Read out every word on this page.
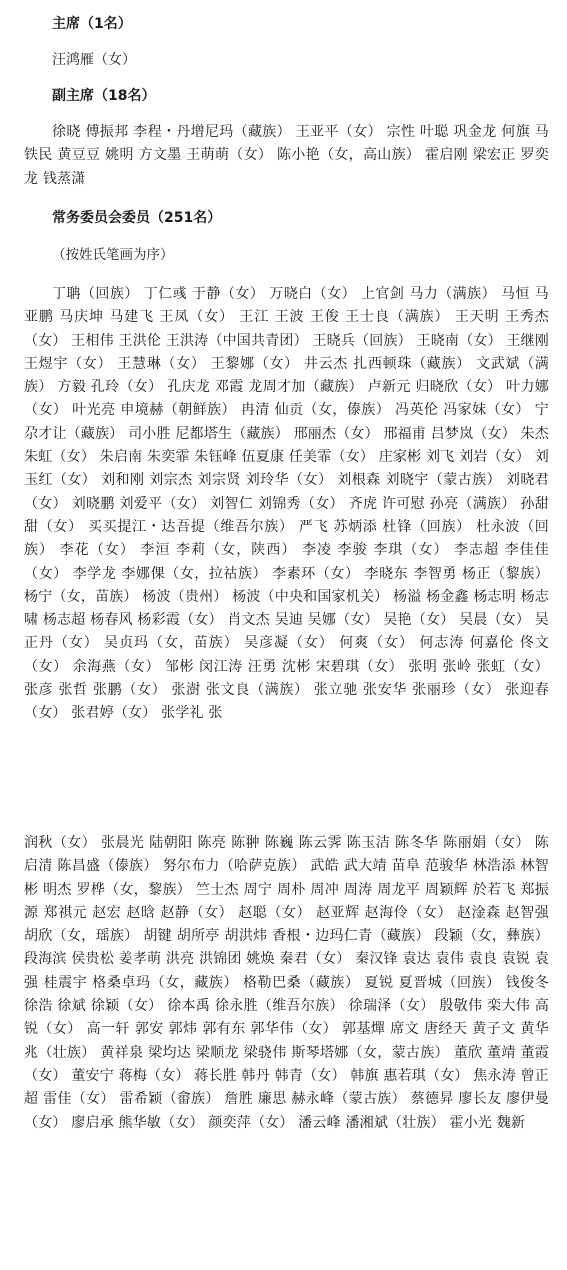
主席（1名）
汪鸿雁（女）
副主席（18名）
徐晓 傅振邦 李程・丹增尼玛（藏族） 王亚平（女） 宗性 叶聪 巩金龙 何旗 马铁民 黄豆豆 姚明 方文墨 王萌萌（女） 陈小艳（女，高山族） 霍启刚 梁宏正 罗奕龙 钱蒸潇
常务委员会委员（251名）
（按姓氏笔画为序）
丁聃（回族） 丁仁彧 于静（女） 万晓白（女） 上官剑 马力（满族） 马恒 马亚鹏 马庆坤 马建飞 王凤（女） 王江 王波 王俊 王士良（满族） 王天明 王秀杰（女） 王相伟 王洪伦 王洪涛（中国共青团） 王晓兵（回族） 王晓南（女） 王继刚 王煜宇（女） 王慧琳（女） 王黎娜（女） 井云杰 扎西顿珠（藏族） 文武斌（满族） 方毅 孔玲（女） 孔庆龙 邓霞 龙周才加（藏族） 卢新元 归晓欣（女） 叶力娜（女） 叶光亮 申境赫（朝鲜族） 冉清 仙贡（女，傣族） 冯英伦 冯家妹（女） 宁尕才让（藏族） 司小胜 尼都塔生（藏族） 邢丽杰（女） 邢福甫 吕梦岚（女） 朱杰 朱虹（女） 朱启南 朱奕霏 朱钰峰 伍夏康 任美霏（女） 庄家彬 刘飞 刘岩（女） 刘玉红（女） 刘和刚 刘宗杰 刘宗贤 刘玲华（女） 刘根森 刘晓宇（蒙古族） 刘晓君（女） 刘晓鹏 刘爱平（女） 刘智仁 刘锦秀（女） 齐虎 许可慰 孙亮（满族） 孙甜甜（女） 买买提江・达吾提（维吾尔族） 严飞 苏炳添 杜锋（回族） 杜永波（回族） 李花（女） 李洹 李莉（女，陕西） 李凌 李骏 李琪（女） 李志超 李佳佳（女） 李学龙 李娜倮（女，拉祜族） 李素环（女） 李晓东 李智勇 杨正（黎族） 杨宁（女，苗族） 杨波（贵州） 杨波（中央和国家机关） 杨溢 杨金鑫 杨志明 杨志啸 杨志超 杨春风 杨彩霞（女） 肖文杰 吴迪 吴娜（女） 吴艳（女） 吴晨（女） 吴正丹（女） 吴贞玛（女，苗族） 吴彦凝（女） 何爽（女） 何志涛 何嘉伦 佟文（女） 余海燕（女） 邹彬 闵江涛 汪勇 沈彬 宋碧琪（女） 张明 张岭 张虹（女） 张彦 张哲 张鹏（女） 张澍 张文良（满族） 张立驰 张安华 张丽珍（女） 张迎春（女） 张君婷（女） 张学礼 张
润秋（女） 张晨光 陆朝阳 陈亮 陈翀 陈巍 陈云霁 陈玉洁 陈冬华 陈丽娟（女） 陈启清 陈昌盛（傣族） 努尔布力（哈萨克族） 武皓 武大靖 苗阜 范骏华 林浩添 林智彬 明杰 罗桦（女，黎族） 竺士杰 周宁 周朴 周冲 周涛 周龙平 周颖辉 於若飞 郑振源 郑祺元 赵宏 赵晗 赵静（女） 赵聪（女） 赵亚辉 赵海伶（女） 赵淦森 赵智强 胡欣（女，瑶族） 胡键 胡所亭 胡洪炜 香根・边玛仁青（藏族） 段颖（女，彝族） 段海滨 侯贵松 姜孝萌 洪亮 洪锦团 姚焕 秦君（女） 秦汉锋 袁达 袁伟 袁良 袁锐 袁强 桂震宇 格桑卓玛（女，藏族） 格勒巴桑（藏族） 夏锐 夏晋城（回族） 钱俊冬 徐浩 徐斌 徐颖（女） 徐本禹 徐永胜（维吾尔族） 徐瑞泽（女） 殷敬伟 栾大伟 高 锐（女） 高一轩 郭安 郭炜 郭有东 郭华伟（女） 郭基燀 席文 唐经天 黄子文 黄华兆（壮族） 黄祥泉 梁均达 梁顺龙 梁骁伟 斯琴塔娜（女，蒙古族） 董欣 董靖 董霞（女） 董安宁 蒋梅（女） 蒋长胜 韩丹 韩青（女） 韩旗 惠若琪（女） 焦永涛 曾正超 雷佳（女） 雷希颖（畲族） 詹胜 廉思 赫永峰（蒙古族） 蔡德昇 廖长友 廖伊曼（女） 廖启承 熊华敏（女） 颜奕萍（女） 潘云峰 潘湘斌（壮族） 霍小光 魏新
